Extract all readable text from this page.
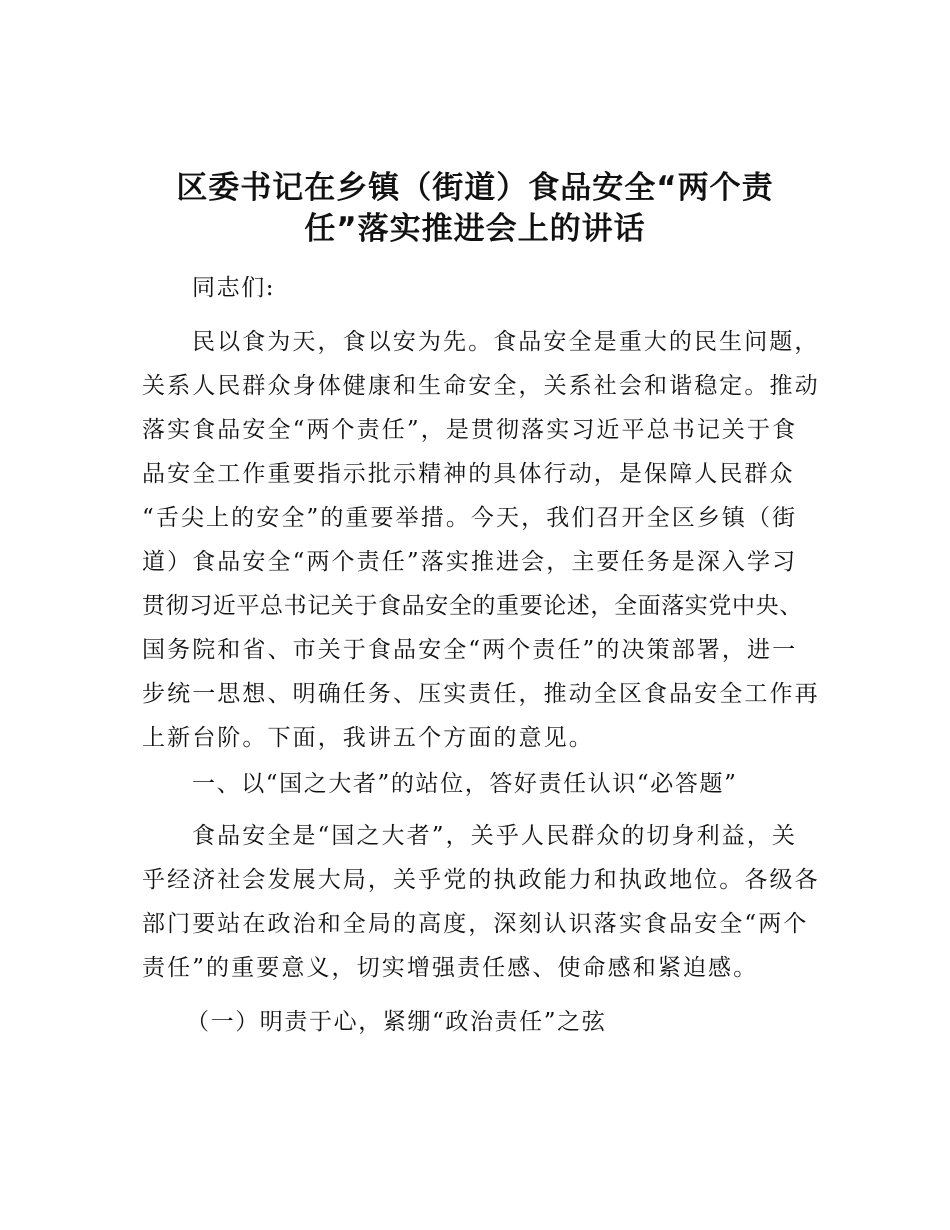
区委书记在乡镇（街道）食品安全“两个责
任”落实推进会上的讲话
同志们:
民以食为天，食以安为先。食品安全是重大的民生问题，
关系人民群众身体健康和生命安全，关系社会和谐稳定。推动
落实食品安全“两个责任”，是贯彻落实习近平总书记关于食
品安全工作重要指示批示精神的具体行动，是保障人民群众
“舌尖上的安全”的重要举措。今天，我们召开全区乡镇（街
道）食品安全“两个责任”落实推进会，主要任务是深入学习
贯彻习近平总书记关于食品安全的重要论述，全面落实党中央、
国务院和省、市关于食品安全“两个责任”的决策部署，进一
步统一思想、明确任务、压实责任，推动全区食品安全工作再
上新台阶。下面，我讲五个方面的意见。
一、以“国之大者”的站位，答好责任认识“必答题”
食品安全是“国之大者”，关乎人民群众的切身利益，关
乎经济社会发展大局，关乎党的执政能力和执政地位。各级各
部门要站在政治和全局的高度，深刻认识落实食品安全“两个
责任”的重要意义，切实增强责任感、使命感和紧迫感。
（一）明责于心，紧绷“政治责任”之弦
